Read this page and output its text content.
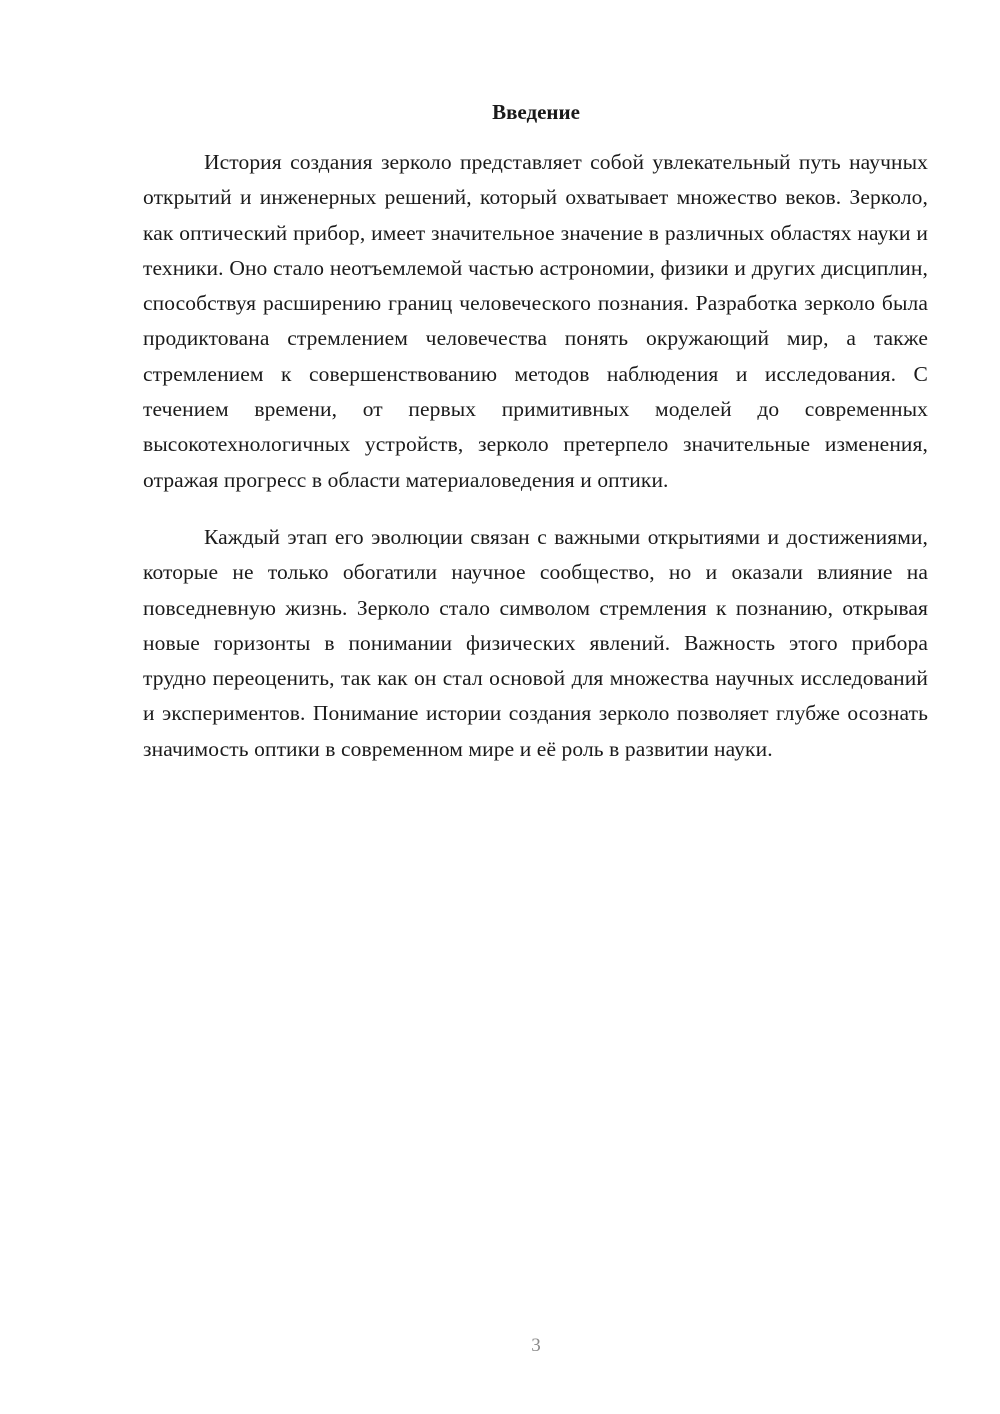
Введение

История создания зерколо представляет собой увлекательный путь научных открытий и инженерных решений, который охватывает множество веков. Зерколо, как оптический прибор, имеет значительное значение в различных областях науки и техники. Оно стало неотъемлемой частью астрономии, физики и других дисциплин, способствуя расширению границ человеческого познания. Разработка зерколо была продиктована стремлением человечества понять окружающий мир, а также стремлением к совершенствованию методов наблюдения и исследования. С течением времени, от первых примитивных моделей до современных высокотехнологичных устройств, зерколо претерпело значительные изменения, отражая прогресс в области материаловедения и оптики.

Каждый этап его эволюции связан с важными открытиями и достижениями, которые не только обогатили научное сообщество, но и оказали влияние на повседневную жизнь. Зерколо стало символом стремления к познанию, открывая новые горизонты в понимании физических явлений. Важность этого прибора трудно переоценить, так как он стал основой для множества научных исследований и экспериментов. Понимание истории создания зерколо позволяет глубже осознать значимость оптики в современном мире и её роль в развитии науки.

3
